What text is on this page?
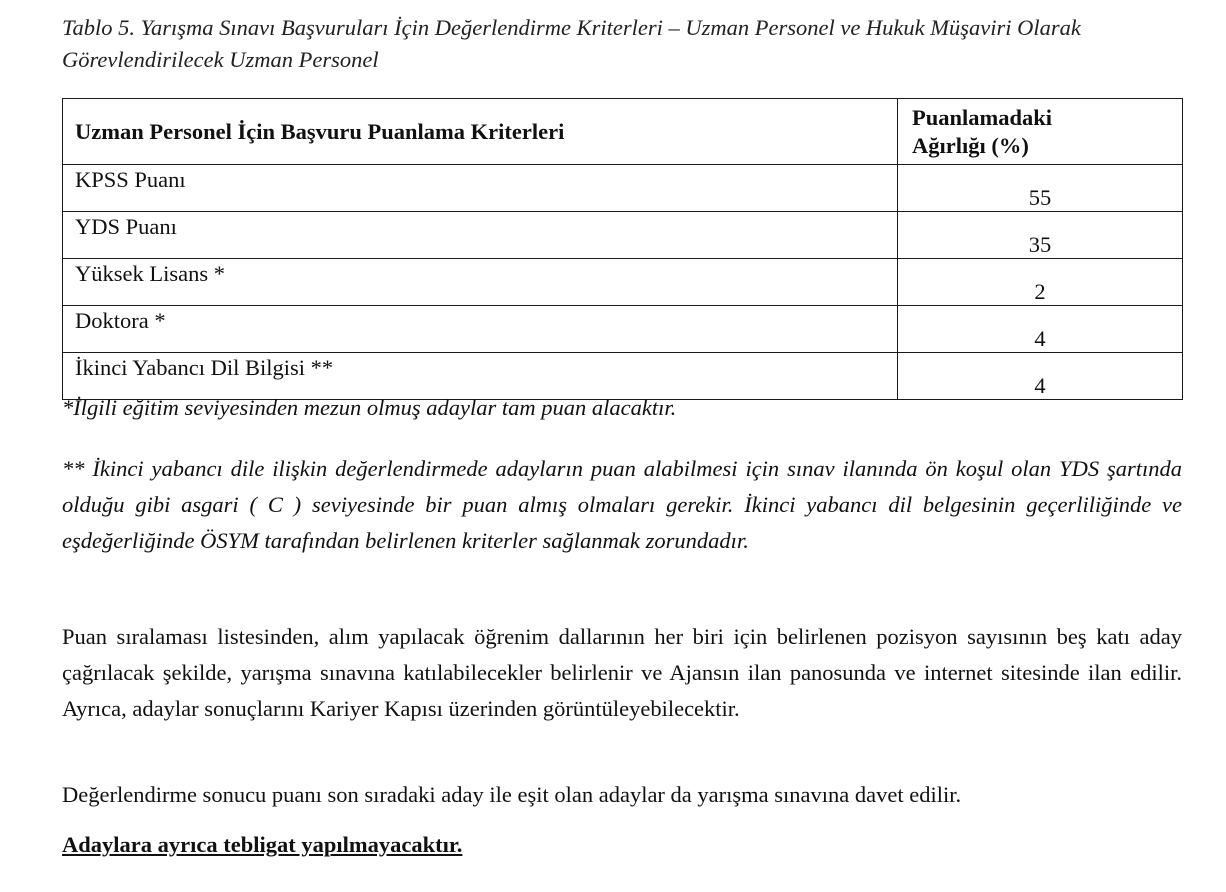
Tablo 5. Yarışma Sınavı Başvuruları İçin Değerlendirme Kriterleri – Uzman Personel ve Hukuk Müşaviri Olarak Görevlendirilecek Uzman Personel
Uzman Personel İçin Başvuru Puanlama Kriterleri	Puanlamadaki
Ağırlığı (%)
KPSS Puanı	55
YDS Puanı	35
Yüksek Lisans *	2
Doktora *	4
İkinci Yabancı Dil Bilgisi **	4
*İlgili eğitim seviyesinden mezun olmuş adaylar tam puan alacaktır.
** İkinci yabancı dile ilişkin değerlendirmede adayların puan alabilmesi için sınav ilanında ön koşul olan YDS şartında olduğu gibi asgari ( C ) seviyesinde bir puan almış olmaları gerekir. İkinci yabancı dil belgesinin geçerliliğinde ve eşdeğerliğinde ÖSYM tarafından belirlenen kriterler sağlanmak zorundadır.
Puan sıralaması listesinden, alım yapılacak öğrenim dallarının her biri için belirlenen pozisyon sayısının beş katı aday çağrılacak şekilde, yarışma sınavına katılabilecekler belirlenir ve Ajansın ilan panosunda ve internet sitesinde ilan edilir. Ayrıca, adaylar sonuçlarını Kariyer Kapısı üzerinden görüntüleyebilecektir.
Değerlendirme sonucu puanı son sıradaki aday ile eşit olan adaylar da yarışma sınavına davet edilir.
Adaylara ayrıca tebligat yapılmayacaktır.
